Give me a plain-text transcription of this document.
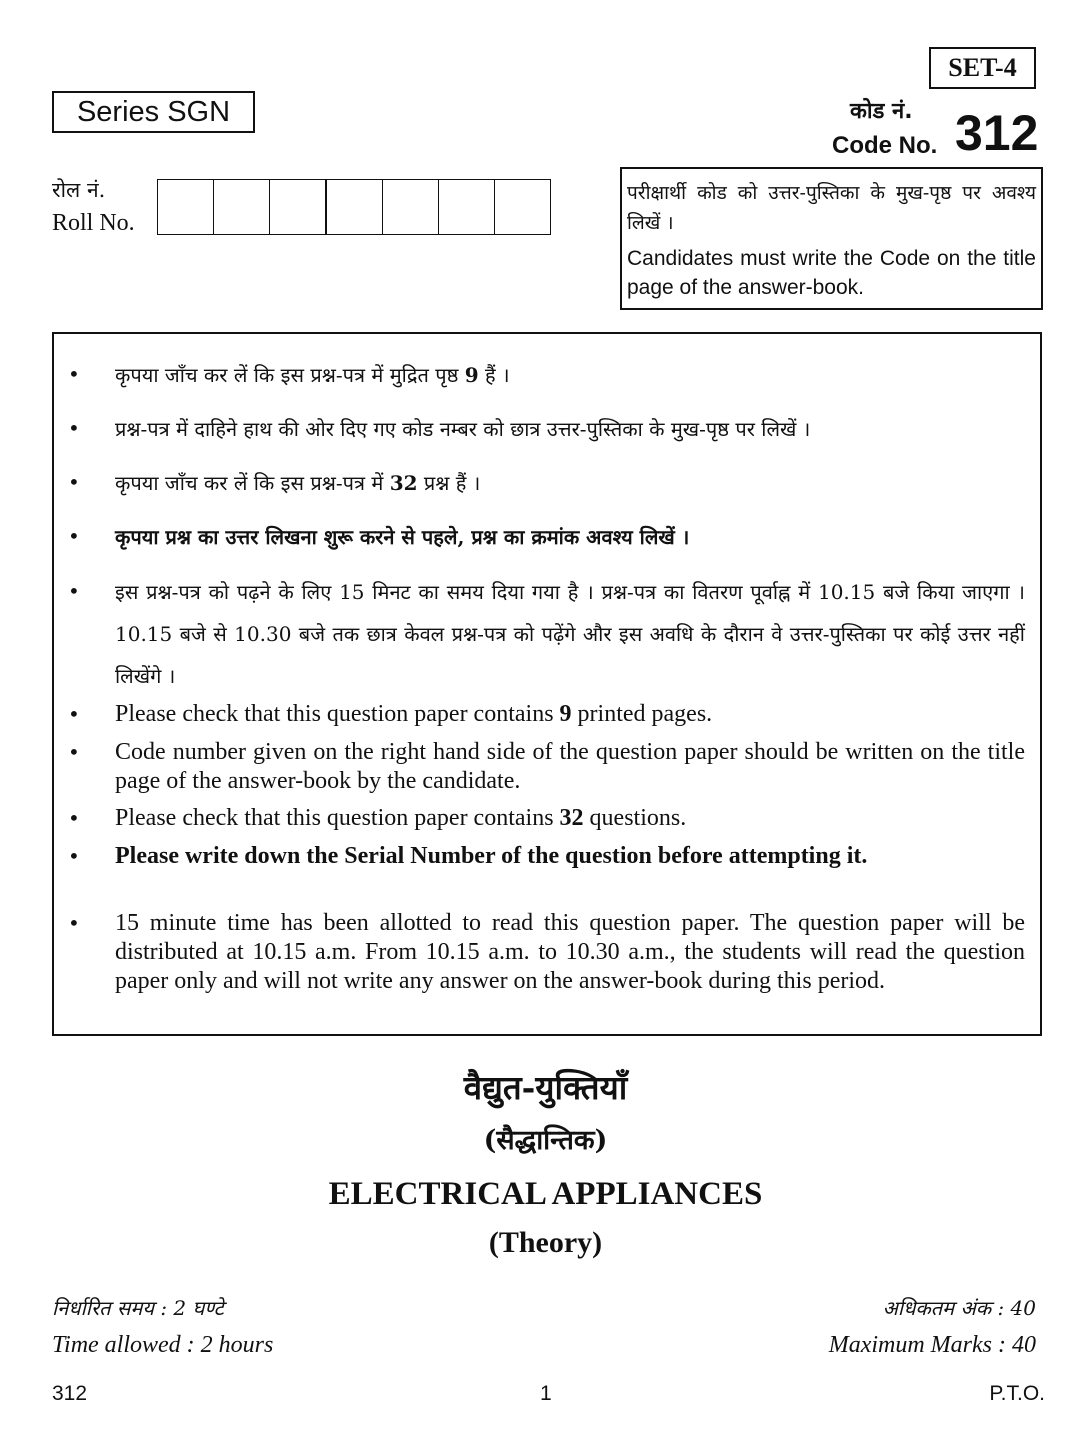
SET-4
Series SGN	कोड नं.
Code No. 312
रोल नं.
Roll No.
परीक्षार्थी कोड को उत्तर-पुस्तिका के मुख-पृष्ठ पर अवश्य लिखें ।
Candidates must write the Code on the title page of the answer-book.
• कृपया जाँच कर लें कि इस प्रश्न-पत्र में मुद्रित पृष्ठ 9 हैं ।
• प्रश्न-पत्र में दाहिने हाथ की ओर दिए गए कोड नम्बर को छात्र उत्तर-पुस्तिका के मुख-पृष्ठ पर लिखें ।
• कृपया जाँच कर लें कि इस प्रश्न-पत्र में 32 प्रश्न हैं ।
• कृपया प्रश्न का उत्तर लिखना शुरू करने से पहले, प्रश्न का क्रमांक अवश्य लिखें ।
• इस प्रश्न-पत्र को पढ़ने के लिए 15 मिनट का समय दिया गया है । प्रश्न-पत्र का वितरण पूर्वाह्न में 10.15 बजे किया जाएगा । 10.15 बजे से 10.30 बजे तक छात्र केवल प्रश्न-पत्र को पढ़ेंगे और इस अवधि के दौरान वे उत्तर-पुस्तिका पर कोई उत्तर नहीं लिखेंगे ।
• Please check that this question paper contains 9 printed pages.
• Code number given on the right hand side of the question paper should be written on the title page of the answer-book by the candidate.
• Please check that this question paper contains 32 questions.
• Please write down the Serial Number of the question before attempting it.
• 15 minute time has been allotted to read this question paper. The question paper will be distributed at 10.15 a.m. From 10.15 a.m. to 10.30 a.m., the students will read the question paper only and will not write any answer on the answer-book during this period.
वैद्युत-युक्तियाँ
(सैद्धान्तिक)
ELECTRICAL APPLIANCES
(Theory)
निर्धारित समय : 2 घण्टे
Time allowed : 2 hours
अधिकतम अंक : 40
Maximum Marks : 40
312	1	P.T.O.
